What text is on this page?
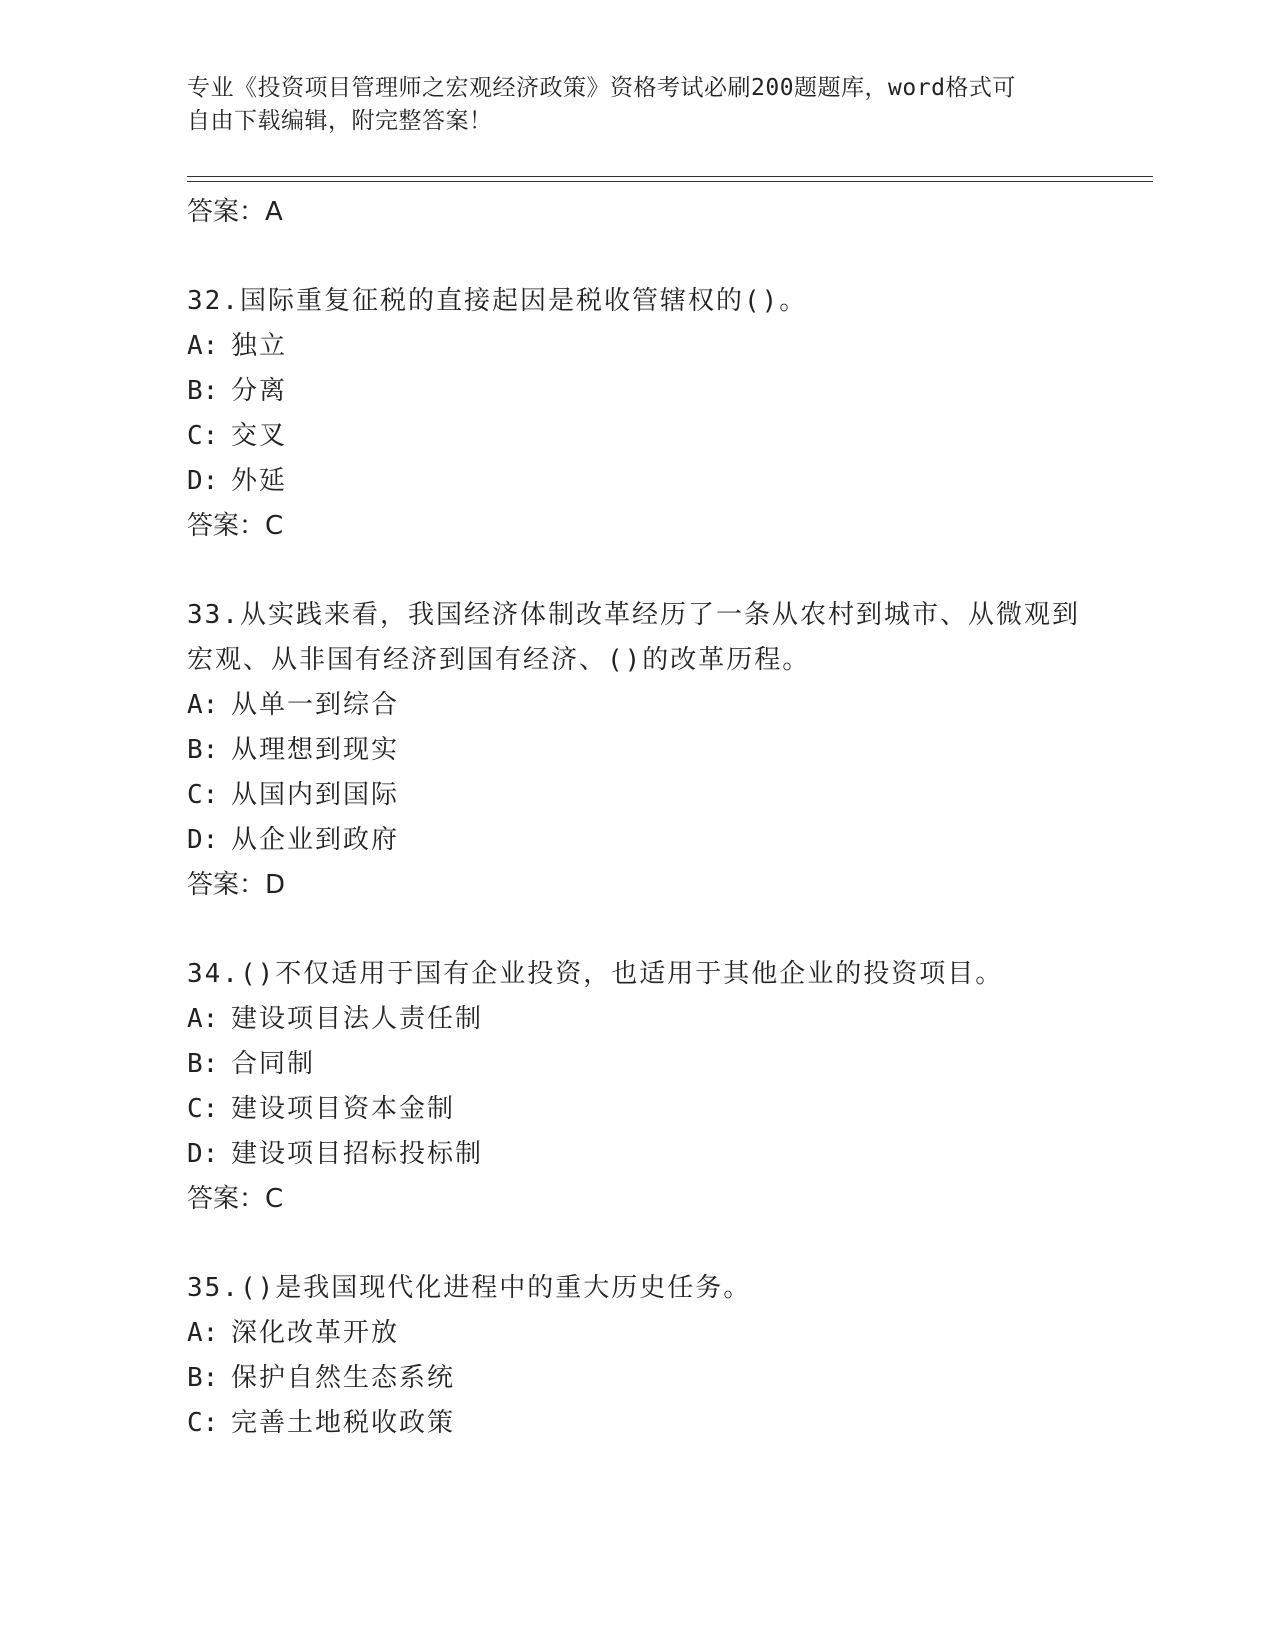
专业《投资项目管理师之宏观经济政策》资格考试必刷200题题库，word格式可
自由下载编辑，附完整答案！
答案：A
32.国际重复征税的直接起因是税收管辖权的()。
A: 独立
B: 分离
C: 交叉
D: 外延
答案：C
33.从实践来看，我国经济体制改革经历了一条从农村到城市、从微观到宏观、从非国有经济到国有经济、()的改革历程。
A: 从单一到综合
B: 从理想到现实
C: 从国内到国际
D: 从企业到政府
答案：D
34.()不仅适用于国有企业投资，也适用于其他企业的投资项目。
A: 建设项目法人责任制
B: 合同制
C: 建设项目资本金制
D: 建设项目招标投标制
答案：C
35.()是我国现代化进程中的重大历史任务。
A: 深化改革开放
B: 保护自然生态系统
C: 完善土地税收政策
